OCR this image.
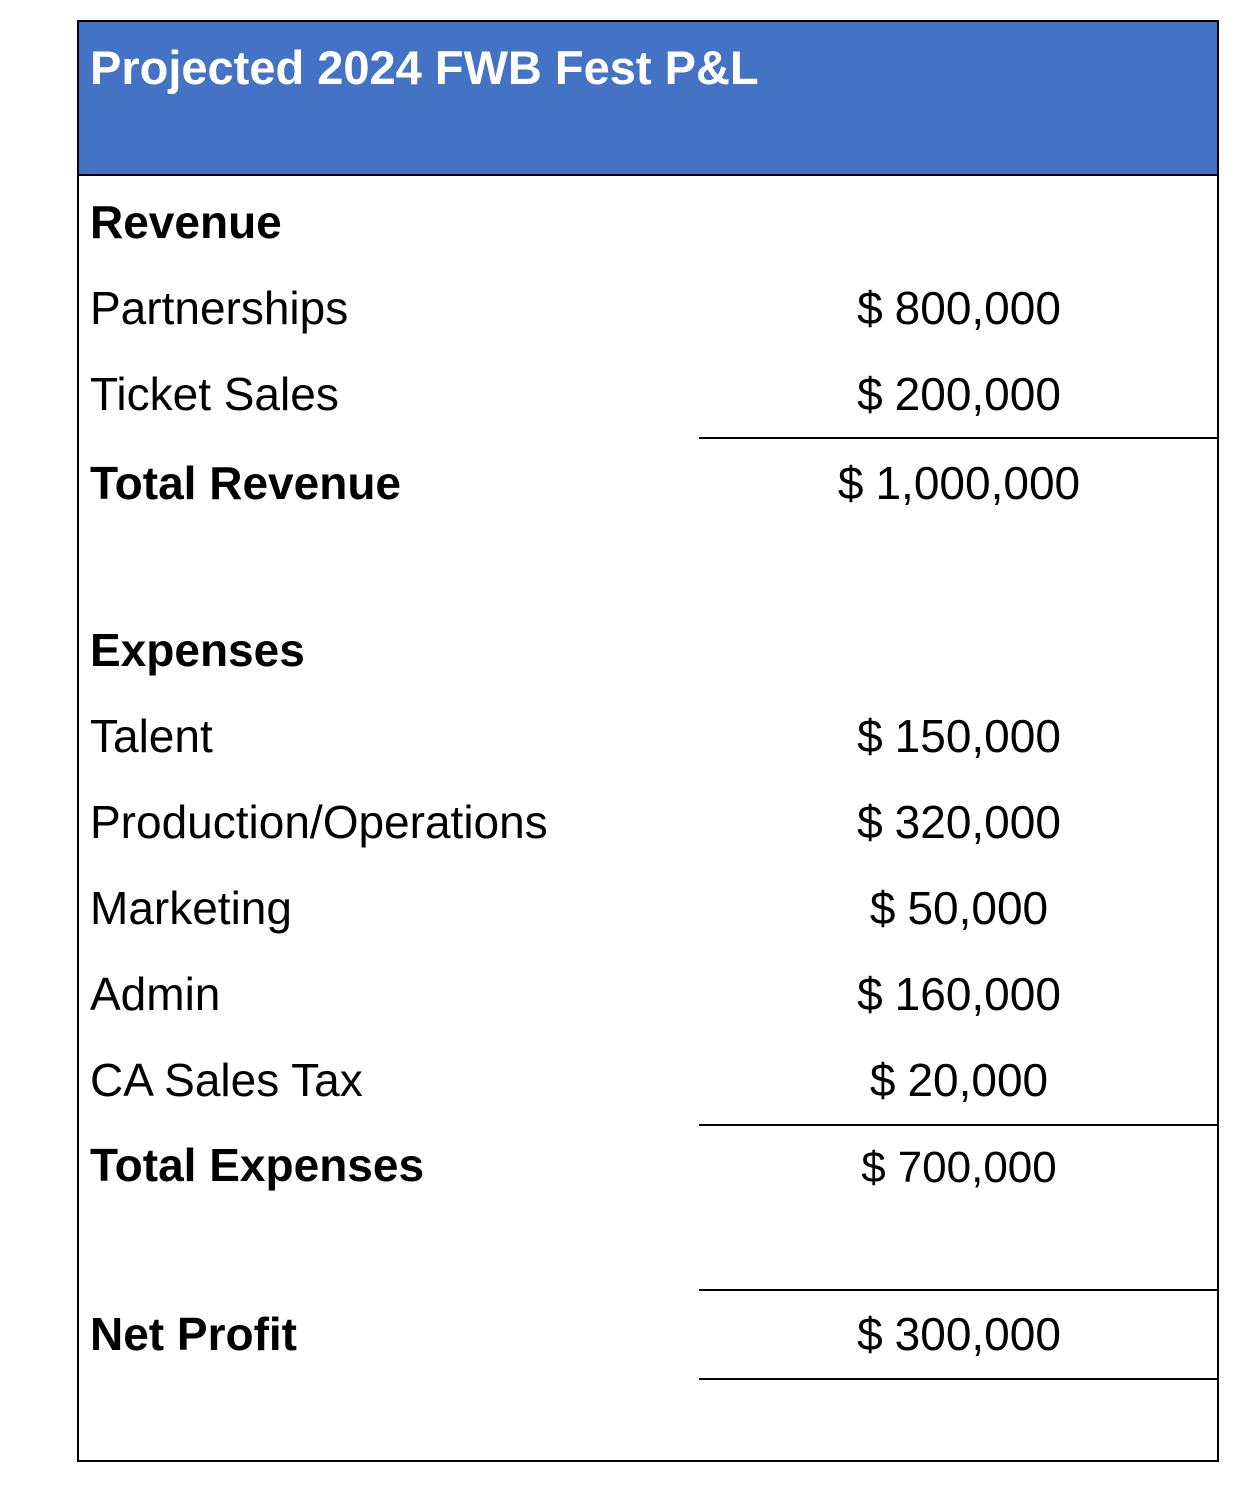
Projected 2024 FWB Fest P&L
Revenue
Partnerships	$ 800,000
Ticket Sales	$ 200,000
Total Revenue	$ 1,000,000
Expenses
Talent	$ 150,000
Production/Operations	$ 320,000
Marketing	$ 50,000
Admin	$ 160,000
CA Sales Tax	$ 20,000
Total Expenses	$ 700,000
Net Profit	$ 300,000
